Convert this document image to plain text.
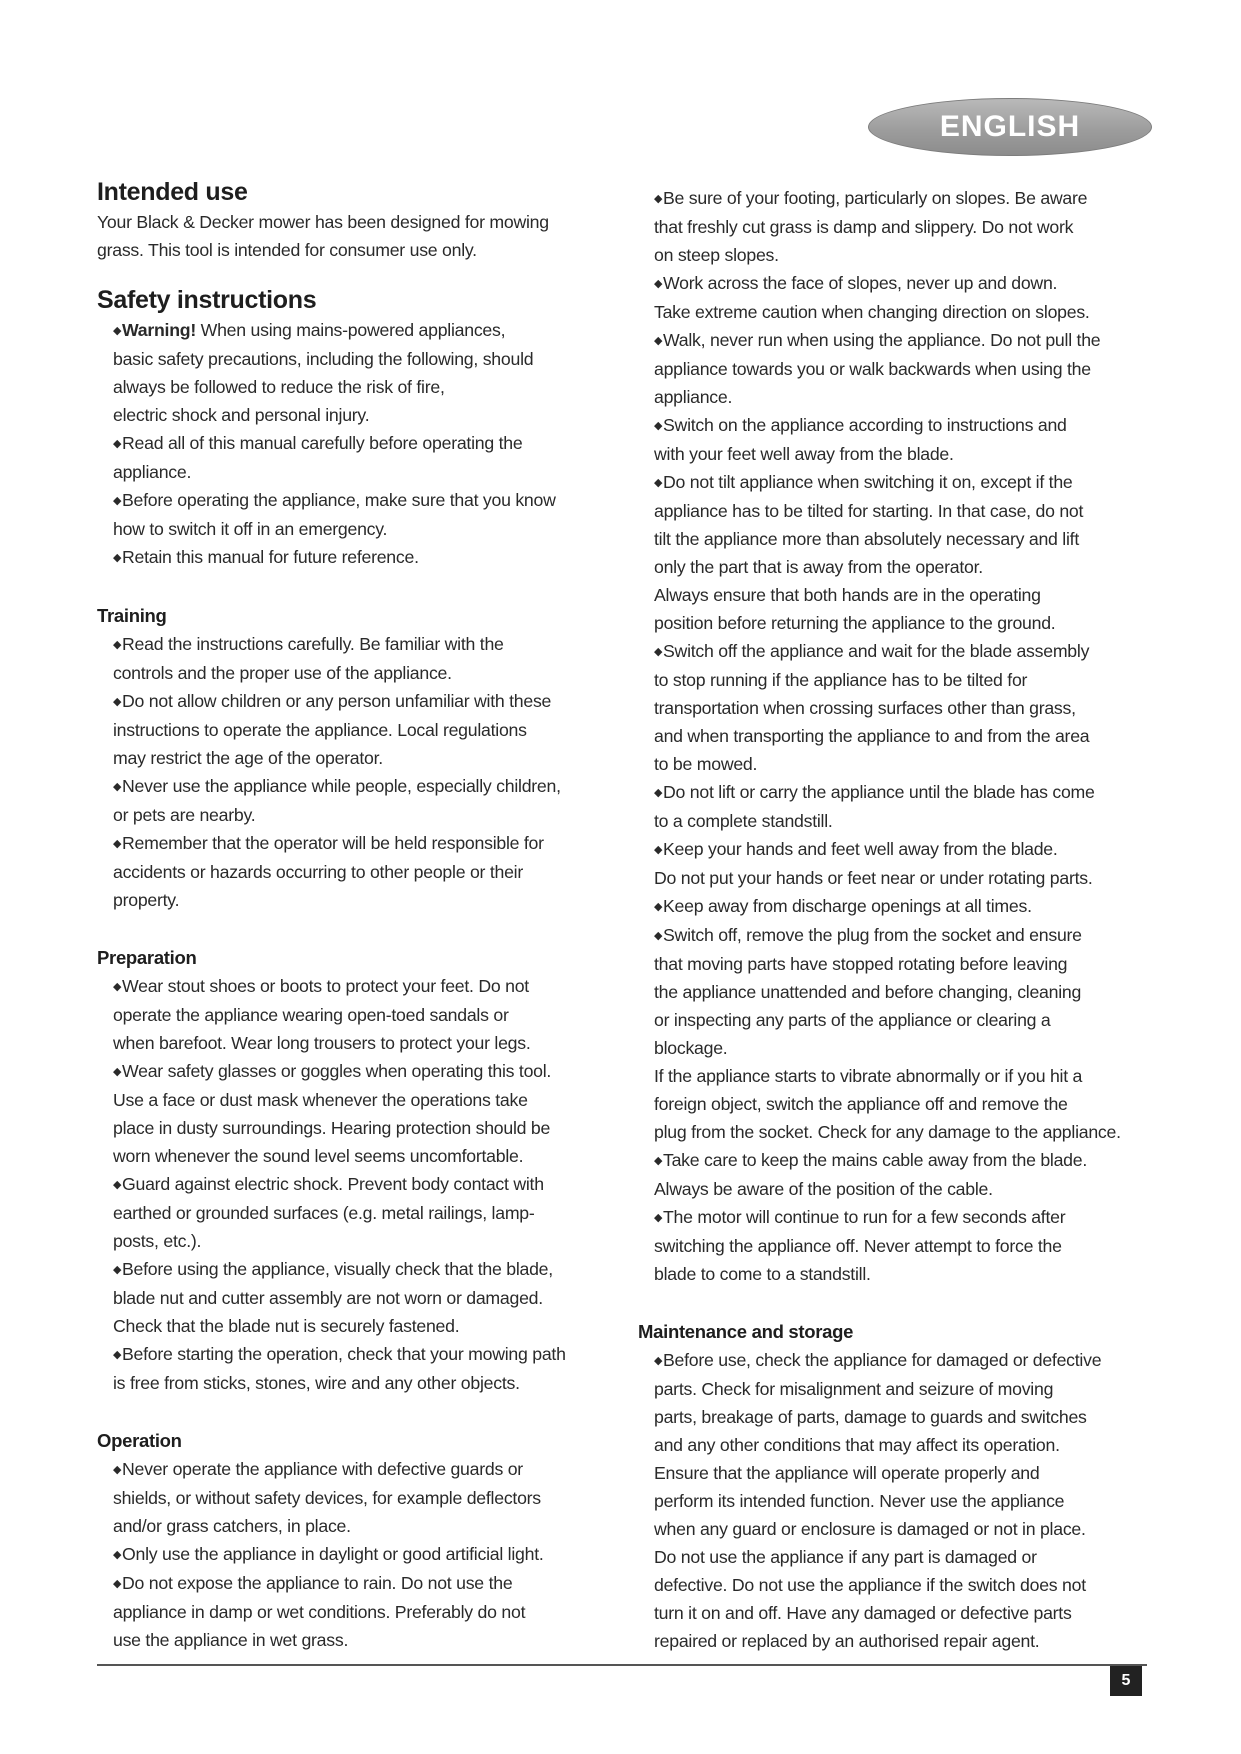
ENGLISH
Intended use

Your Black & Decker mower has been designed for mowing
grass. This tool is intended for consumer use only.

Safety instructions
◆Warning! When using mains-powered appliances,
basic safety precautions, including the following, should
always be followed to reduce the risk of fire,
electric shock and personal injury.
◆Read all of this manual carefully before operating the
appliance.
◆Before operating the appliance, make sure that you know
how to switch it off in an emergency.
◆Retain this manual for future reference.
Training
◆Read the instructions carefully. Be familiar with the
controls and the proper use of the appliance.
◆Do not allow children or any person unfamiliar with these
instructions to operate the appliance. Local regulations
may restrict the age of the operator.
◆Never use the appliance while people, especially children,
or pets are nearby.
◆Remember that the operator will be held responsible for
accidents or hazards occurring to other people or their
property.
Preparation
◆Wear stout shoes or boots to protect your feet. Do not
operate the appliance wearing open-toed sandals or
when barefoot. Wear long trousers to protect your legs.
◆Wear safety glasses or goggles when operating this tool.
Use a face or dust mask whenever the operations take
place in dusty surroundings. Hearing protection should be
worn whenever the sound level seems uncomfortable.
◆Guard against electric shock. Prevent body contact with
earthed or grounded surfaces (e.g. metal railings, lamp-
posts, etc.).
◆Before using the appliance, visually check that the blade,
blade nut and cutter assembly are not worn or damaged.
Check that the blade nut is securely fastened.
◆Before starting the operation, check that your mowing path
is free from sticks, stones, wire and any other objects.
Operation
◆Never operate the appliance with defective guards or
shields, or without safety devices, for example deflectors
and/or grass catchers, in place.
◆Only use the appliance in daylight or good artificial light.
◆Do not expose the appliance to rain. Do not use the
appliance in damp or wet conditions. Preferably do not
use the appliance in wet grass.
◆Be sure of your footing, particularly on slopes. Be aware
that freshly cut grass is damp and slippery. Do not work
on steep slopes.
◆Work across the face of slopes, never up and down.
Take extreme caution when changing direction on slopes.
◆Walk, never run when using the appliance. Do not pull the
appliance towards you or walk backwards when using the
appliance.
◆Switch on the appliance according to instructions and
with your feet well away from the blade.
◆Do not tilt appliance when switching it on, except if the
appliance has to be tilted for starting. In that case, do not
tilt the appliance more than absolutely necessary and lift
only the part that is away from the operator.
Always ensure that both hands are in the operating
position before returning the appliance to the ground.
◆Switch off the appliance and wait for the blade assembly
to stop running if the appliance has to be tilted for
transportation when crossing surfaces other than grass,
and when transporting the appliance to and from the area
to be mowed.
◆Do not lift or carry the appliance until the blade has come
to a complete standstill.
◆Keep your hands and feet well away from the blade.
Do not put your hands or feet near or under rotating parts.
◆Keep away from discharge openings at all times.
◆Switch off, remove the plug from the socket and ensure
that moving parts have stopped rotating before leaving
the appliance unattended and before changing, cleaning
or inspecting any parts of the appliance or clearing a
blockage.
If the appliance starts to vibrate abnormally or if you hit a
foreign object, switch the appliance off and remove the
plug from the socket. Check for any damage to the appliance.
◆Take care to keep the mains cable away from the blade.
Always be aware of the position of the cable.
◆The motor will continue to run for a few seconds after
switching the appliance off. Never attempt to force the
blade to come to a standstill.
Maintenance and storage
◆Before use, check the appliance for damaged or defective
parts. Check for misalignment and seizure of moving
parts, breakage of parts, damage to guards and switches
and any other conditions that may affect its operation.
Ensure that the appliance will operate properly and
perform its intended function. Never use the appliance
when any guard or enclosure is damaged or not in place.
Do not use the appliance if any part is damaged or
defective. Do not use the appliance if the switch does not
turn it on and off. Have any damaged or defective parts
repaired or replaced by an authorised repair agent.
5
